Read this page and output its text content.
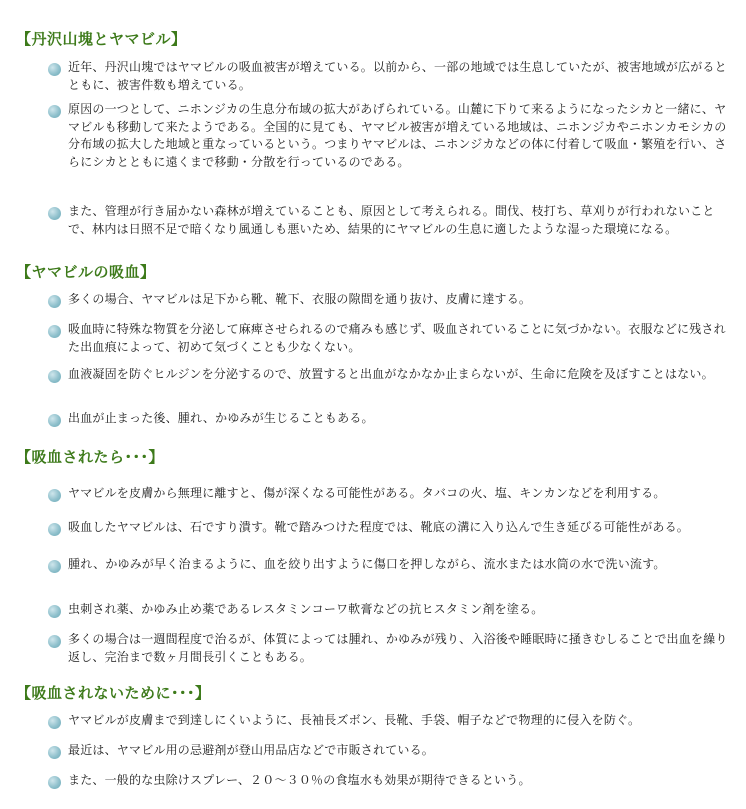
【丹沢山塊とヤマビル】
近年、丹沢山塊ではヤマビルの吸血被害が増えている。以前から、一部の地域では生息していたが、被害地域が広がるとともに、被害件数も増えている。
原因の一つとして、ニホンジカの生息分布域の拡大があげられている。山麓に下りて来るようになったシカと一緒に、ヤマビルも移動して来たようである。全国的に見ても、ヤマビル被害が増えている地域は、ニホンジカやニホンカモシカの分布域の拡大した地域と重なっているという。つまりヤマビルは、ニホンジカなどの体に付着して吸血・繁殖を行い、さらにシカとともに遠くまで移動・分散を行っているのである。
また、管理が行き届かない森林が増えていることも、原因として考えられる。間伐、枝打ち、草刈りが行われないことで、林内は日照不足で暗くなり風通しも悪いため、結果的にヤマビルの生息に適したような湿った環境になる。
【ヤマビルの吸血】
多くの場合、ヤマビルは足下から靴、靴下、衣服の隙間を通り抜け、皮膚に達する。
吸血時に特殊な物質を分泌して麻痺させられるので痛みも感じず、吸血されていることに気づかない。衣服などに残された出血痕によって、初めて気づくことも少なくない。
血液凝固を防ぐヒルジンを分泌するので、放置すると出血がなかなか止まらないが、生命に危険を及ぼすことはない。
出血が止まった後、腫れ、かゆみが生じることもある。
【吸血されたら･･･】
ヤマビルを皮膚から無理に離すと、傷が深くなる可能性がある。タバコの火、塩、キンカンなどを利用する。
吸血したヤマビルは、石ですり潰す。靴で踏みつけた程度では、靴底の溝に入り込んで生き延びる可能性がある。
腫れ、かゆみが早く治まるように、血を絞り出すように傷口を押しながら、流水または水筒の水で洗い流す。
虫刺され薬、かゆみ止め薬であるレスタミンコーワ軟膏などの抗ヒスタミン剤を塗る。
多くの場合は一週間程度で治るが、体質によっては腫れ、かゆみが残り、入浴後や睡眠時に掻きむしることで出血を繰り返し、完治まで数ヶ月間長引くこともある。
【吸血されないために･･･】
ヤマビルが皮膚まで到達しにくいように、長袖長ズボン、長靴、手袋、帽子などで物理的に侵入を防ぐ。
最近は、ヤマビル用の忌避剤が登山用品店などで市販されている。
また、一般的な虫除けスプレー、２０～３０％の食塩水も効果が期待できるという。
